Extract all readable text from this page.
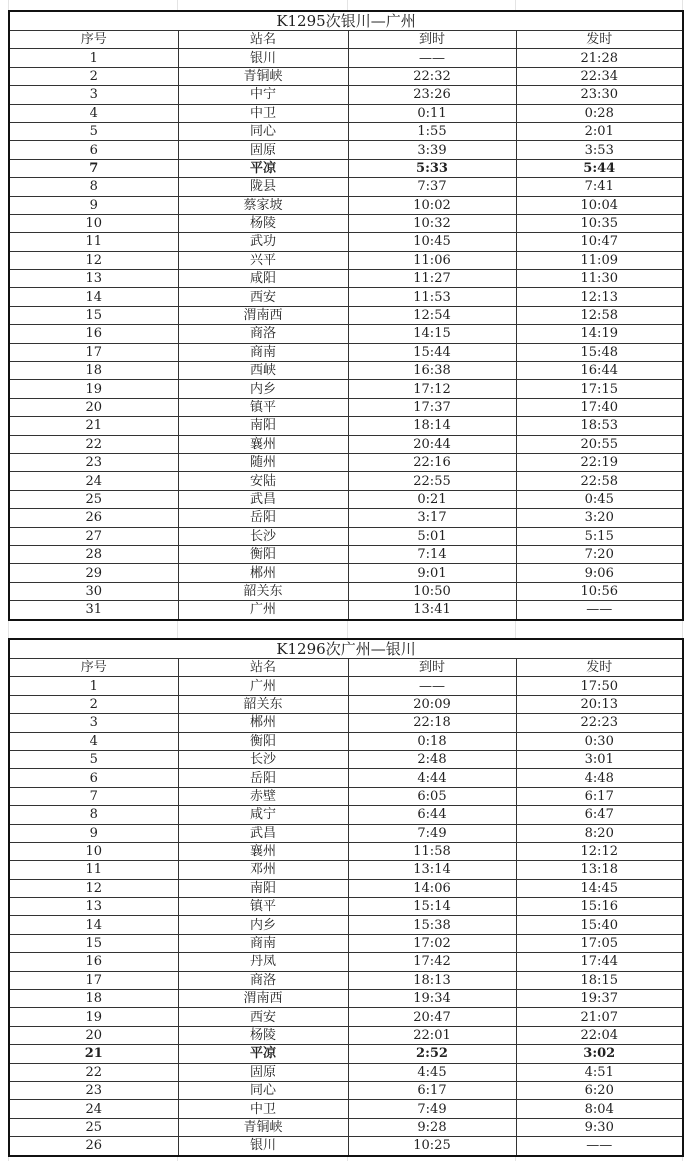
K1295次银川—广州			
序号	站名	到时	发时
1	银川	——	21:28
2	青铜峡	22:32	22:34
3	中宁	23:26	23:30
4	中卫	0:11	0:28
5	同心	1:55	2:01
6	固原	3:39	3:53
7	平凉	5:33	5:44
8	陇县	7:37	7:41
9	蔡家坡	10:02	10:04
10	杨陵	10:32	10:35
11	武功	10:45	10:47
12	兴平	11:06	11:09
13	咸阳	11:27	11:30
14	西安	11:53	12:13
15	渭南西	12:54	12:58
16	商洛	14:15	14:19
17	商南	15:44	15:48
18	西峡	16:38	16:44
19	内乡	17:12	17:15
20	镇平	17:37	17:40
21	南阳	18:14	18:53
22	襄州	20:44	20:55
23	随州	22:16	22:19
24	安陆	22:55	22:58
25	武昌	0:21	0:45
26	岳阳	3:17	3:20
27	长沙	5:01	5:15
28	衡阳	7:14	7:20
29	郴州	9:01	9:06
30	韶关东	10:50	10:56
31	广州	13:41	——
K1296次广州—银川			
序号	站名	到时	发时
1	广州	——	17:50
2	韶关东	20:09	20:13
3	郴州	22:18	22:23
4	衡阳	0:18	0:30
5	长沙	2:48	3:01
6	岳阳	4:44	4:48
7	赤壁	6:05	6:17
8	咸宁	6:44	6:47
9	武昌	7:49	8:20
10	襄州	11:58	12:12
11	邓州	13:14	13:18
12	南阳	14:06	14:45
13	镇平	15:14	15:16
14	内乡	15:38	15:40
15	商南	17:02	17:05
16	丹凤	17:42	17:44
17	商洛	18:13	18:15
18	渭南西	19:34	19:37
19	西安	20:47	21:07
20	杨陵	22:01	22:04
21	平凉	2:52	3:02
22	固原	4:45	4:51
23	同心	6:17	6:20
24	中卫	7:49	8:04
25	青铜峡	9:28	9:30
26	银川	10:25	——
